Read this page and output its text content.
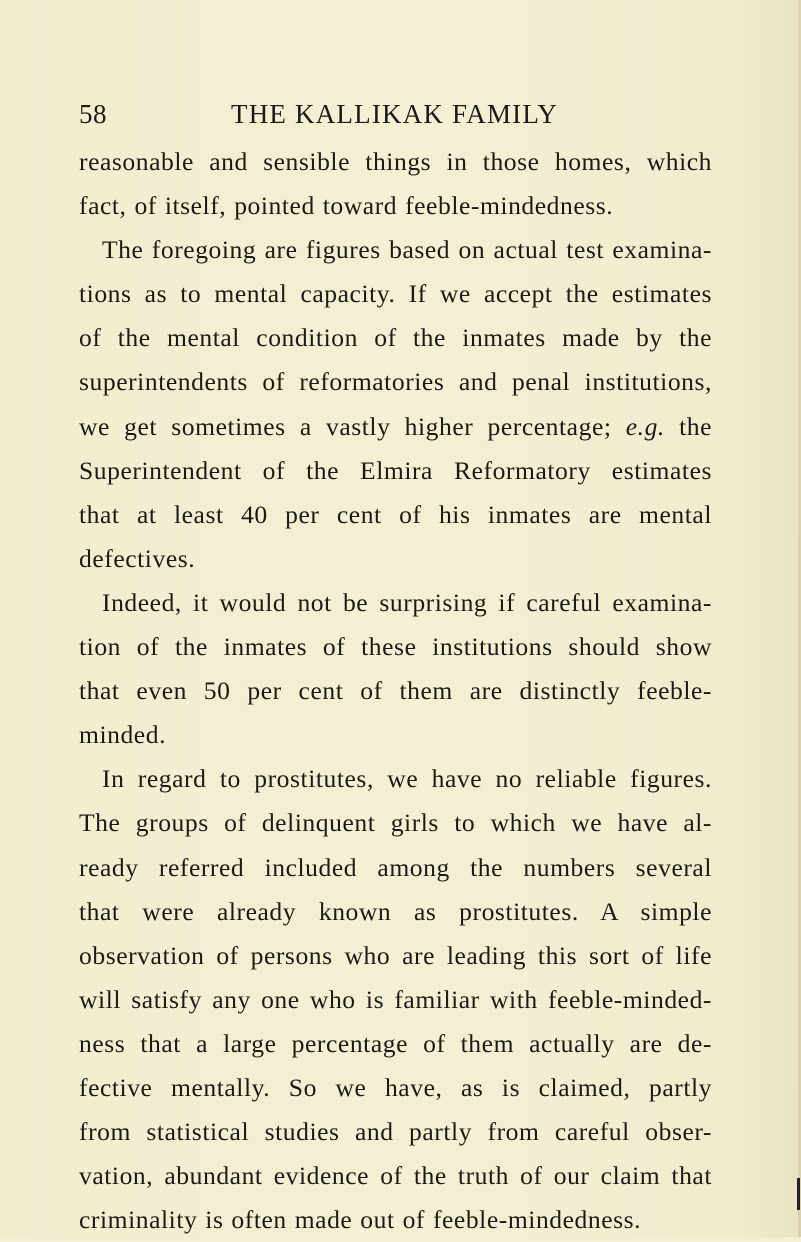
58	THE KALLIKAK FAMILY
reasonable and sensible things in those homes, which
fact, of itself, pointed toward feeble-mindedness.
The foregoing are figures based on actual test examina-
tions as to mental capacity. If we accept the estimates
of the mental condition of the inmates made by the
superintendents of reformatories and penal institutions,
we get sometimes a vastly higher percentage; e.g. the
Superintendent of the Elmira Reformatory estimates
that at least 40 per cent of his inmates are mental
defectives.
Indeed, it would not be surprising if careful examina-
tion of the inmates of these institutions should show
that even 50 per cent of them are distinctly feeble-
minded.
In regard to prostitutes, we have no reliable figures.
The groups of delinquent girls to which we have al-
ready referred included among the numbers several
that were already known as prostitutes. A simple
observation of persons who are leading this sort of life
will satisfy any one who is familiar with feeble-minded-
ness that a large percentage of them actually are de-
fective mentally. So we have, as is claimed, partly
from statistical studies and partly from careful obser-
vation, abundant evidence of the truth of our claim that
criminality is often made out of feeble-mindedness.
